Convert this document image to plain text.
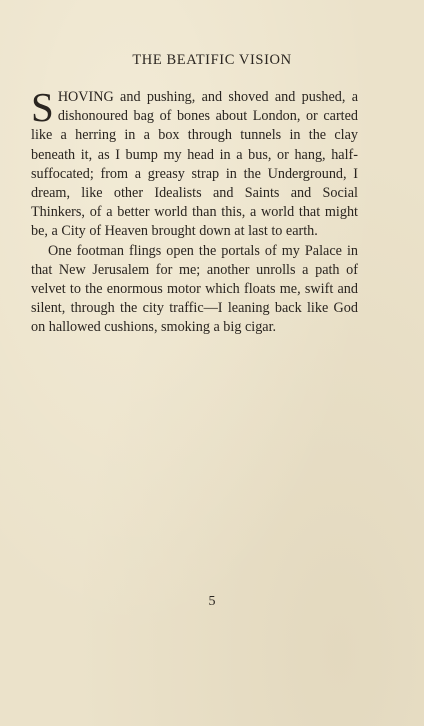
THE BEATIFIC VISION

SHOVING and pushing, and shoved and pushed, a dishonoured bag of bones about London, or carted like a herring in a box through tunnels in the clay beneath it, as I bump my head in a bus, or hang, half-suffocated; from a greasy strap in the Underground, I dream, like other Idealists and Saints and Social Thinkers, of a better world than this, a world that might be, a City of Heaven brought down at last to earth.

One footman flings open the portals of my Palace in that New Jerusalem for me; another unrolls a path of velvet to the enormous motor which floats me, swift and silent, through the city traffic—I leaning back like God on hallowed cushions, smoking a big cigar.

5
